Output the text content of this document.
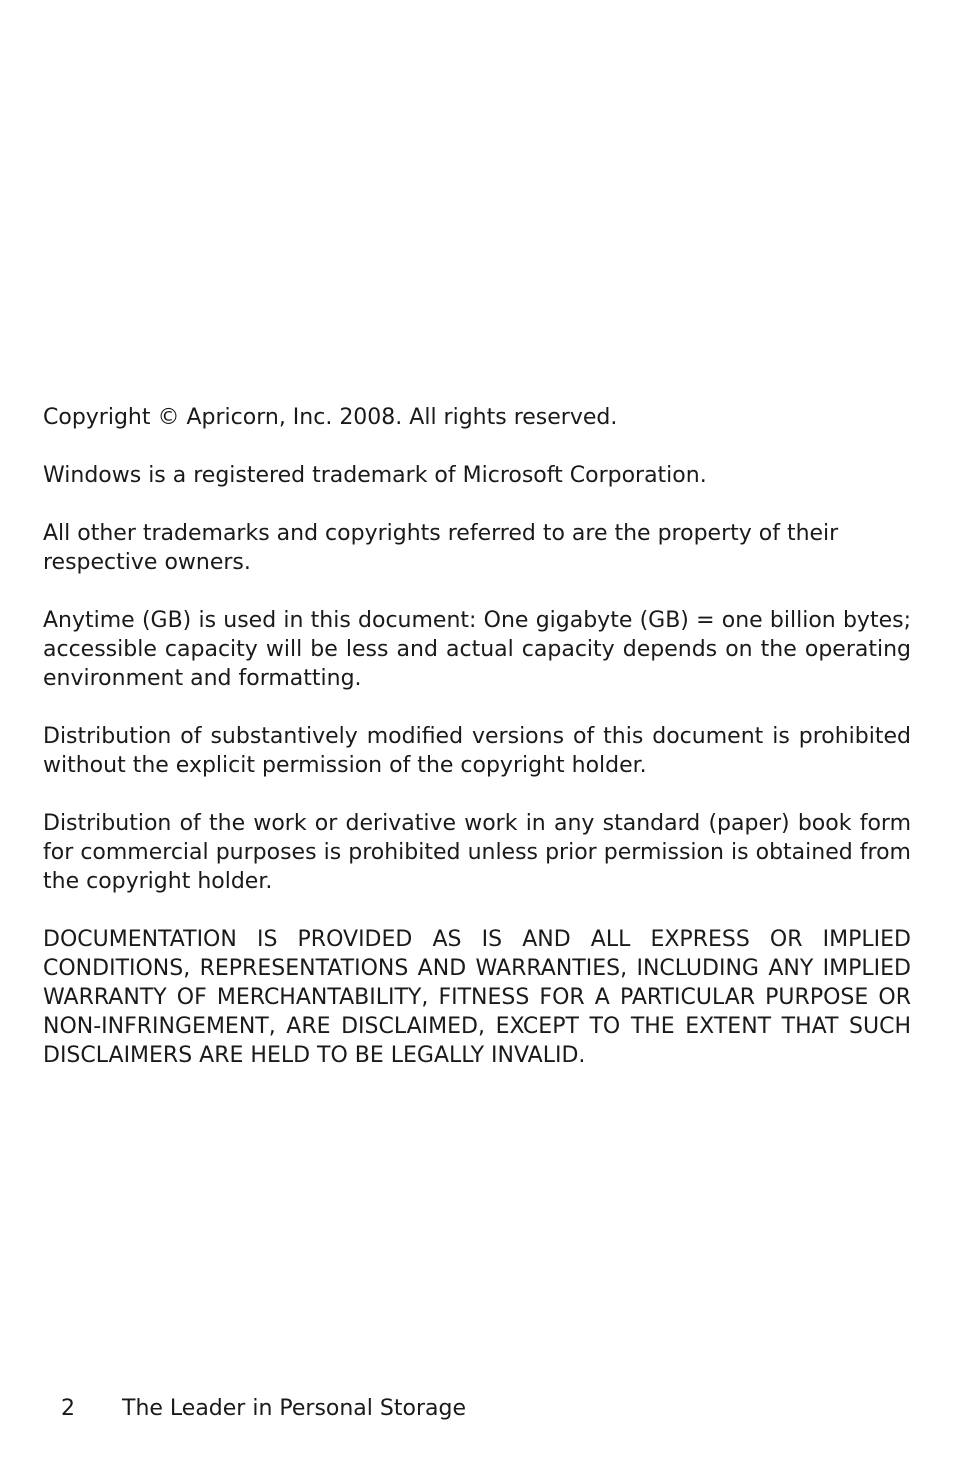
Copyright © Apricorn, Inc. 2008. All rights reserved.

Windows is a registered trademark of Microsoft Corporation.

All other trademarks and copyrights referred to are the property of their respective owners.

Anytime (GB) is used in this document: One gigabyte (GB) = one billion bytes; accessible capacity will be less and actual capacity depends on the operating environment and formatting.

Distribution of substantively modified versions of this document is prohibited without the explicit permission of the copyright holder.

Distribution of the work or derivative work in any standard (paper) book form for commercial purposes is prohibited unless prior permission is obtained from the copyright holder.

DOCUMENTATION IS PROVIDED AS IS AND ALL EXPRESS OR IMPLIED CONDITIONS, REPRESENTATIONS AND WARRANTIES, INCLUDING ANY IMPLIED WARRANTY OF MERCHANTABILITY, FITNESS FOR A PARTICULAR PURPOSE OR NON-INFRINGEMENT, ARE DISCLAIMED, EXCEPT TO THE EXTENT THAT SUCH DISCLAIMERS ARE HELD TO BE LEGALLY INVALID.

2 The Leader in Personal Storage
